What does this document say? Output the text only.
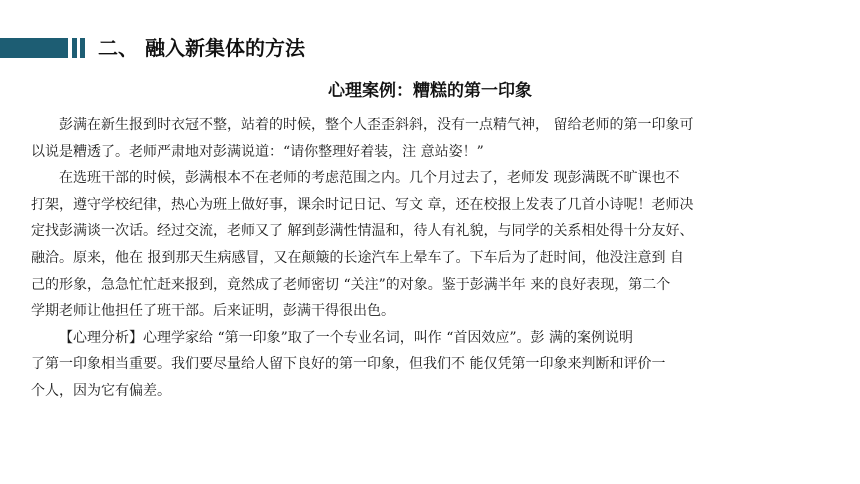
二、 融入新集体的方法
心理案例：糟糕的第一印象
彭满在新生报到时衣冠不整，站着的时候，整个人歪歪斜斜，没有一点精气神， 留给老师的第一印象可
以说是糟透了。老师严肃地对彭满说道：“请你整理好着装，注 意站姿！”
在选班干部的时候，彭满根本不在老师的考虑范围之内。几个月过去了，老师发 现彭满既不旷课也不
打架，遵守学校纪律，热心为班上做好事，课余时记日记、写文 章，还在校报上发表了几首小诗呢！老师决
定找彭满谈一次话。经过交流，老师又了 解到彭满性情温和，待人有礼貌，与同学的关系相处得十分友好、
融洽。原来，他在 报到那天生病感冒，又在颠簸的长途汽车上晕车了。下车后为了赶时间，他没注意到 自
己的形象，急急忙忙赶来报到，竟然成了老师密切 “关注”的对象。鉴于彭满半年 来的良好表现，第二个
学期老师让他担任了班干部。后来证明，彭满干得很出色。
【心理分析】心理学家给 “第一印象”取了一个专业名词，叫作 “首因效应”。彭 满的案例说明
了第一印象相当重要。我们要尽量给人留下良好的第一印象，但我们不 能仅凭第一印象来判断和评价一
个人，因为它有偏差。
